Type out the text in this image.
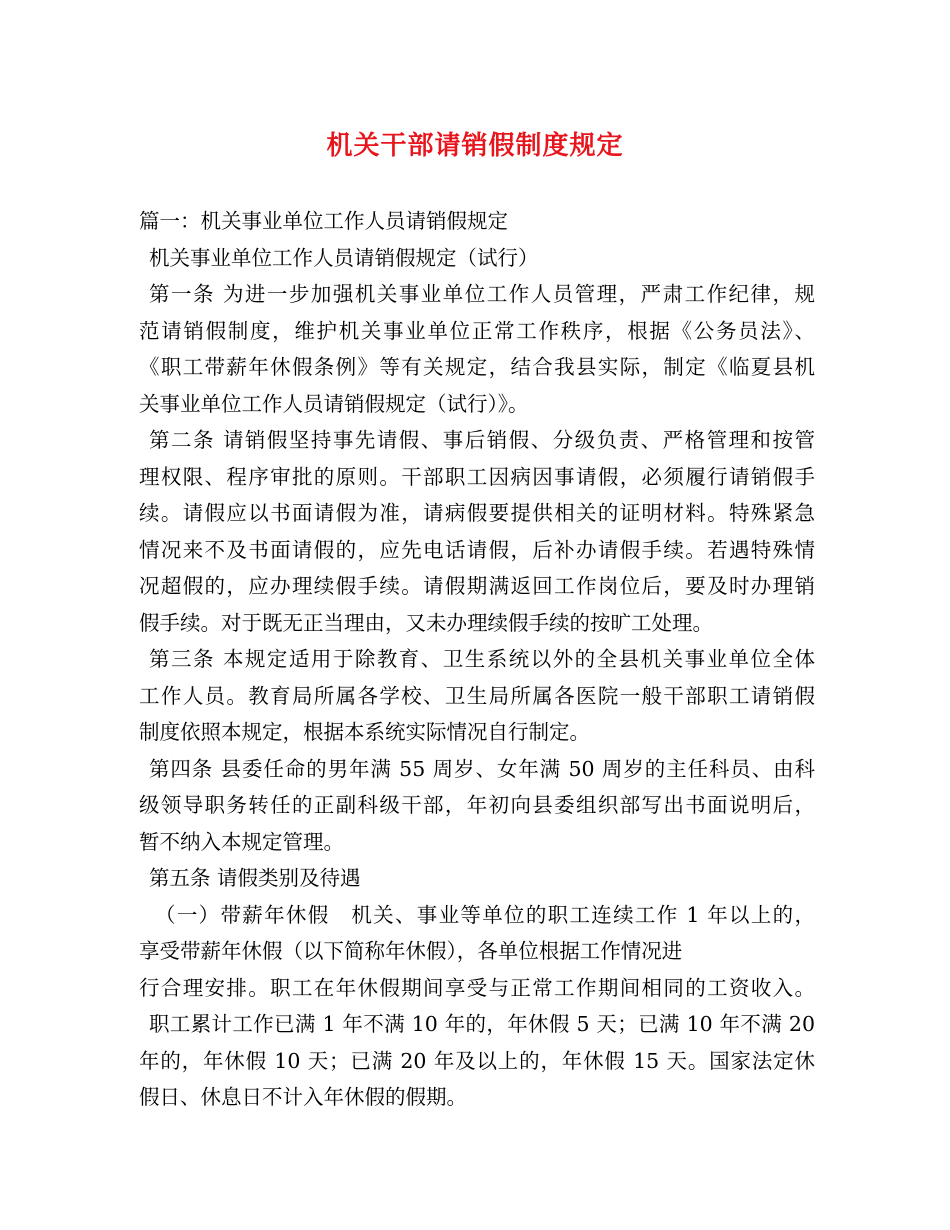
机关干部请销假制度规定
篇一：机关事业单位工作人员请销假规定
机关事业单位工作人员请销假规定（试行）
第一条 为进一步加强机关事业单位工作人员管理，严肃工作纪律，规
范请销假制度，维护机关事业单位正常工作秩序，根据《公务员法》、
《职工带薪年休假条例》等有关规定，结合我县实际，制定《临夏县机
关事业单位工作人员请销假规定（试行）》。
第二条 请销假坚持事先请假、事后销假、分级负责、严格管理和按管
理权限、程序审批的原则。干部职工因病因事请假，必须履行请销假手
续。请假应以书面请假为准，请病假要提供相关的证明材料。特殊紧急
情况来不及书面请假的，应先电话请假，后补办请假手续。若遇特殊情
况超假的，应办理续假手续。请假期满返回工作岗位后，要及时办理销
假手续。对于既无正当理由，又未办理续假手续的按旷工处理。
第三条 本规定适用于除教育、卫生系统以外的全县机关事业单位全体
工作人员。教育局所属各学校、卫生局所属各医院一般干部职工请销假
制度依照本规定，根据本系统实际情况自行制定。
第四条 县委任命的男年满 55 周岁、女年满 50 周岁的主任科员、由科
级领导职务转任的正副科级干部，年初向县委组织部写出书面说明后，
暂不纳入本规定管理。
第五条 请假类别及待遇
（一）带薪年休假　机关、事业等单位的职工连续工作 1 年以上的，
享受带薪年休假（以下简称年休假），各单位根据工作情况进
行合理安排。职工在年休假期间享受与正常工作期间相同的工资收入。
职工累计工作已满 1 年不满 10 年的，年休假 5 天；已满 10 年不满 20
年的，年休假 10 天；已满 20 年及以上的，年休假 15 天。国家法定休
假日、休息日不计入年休假的假期。
